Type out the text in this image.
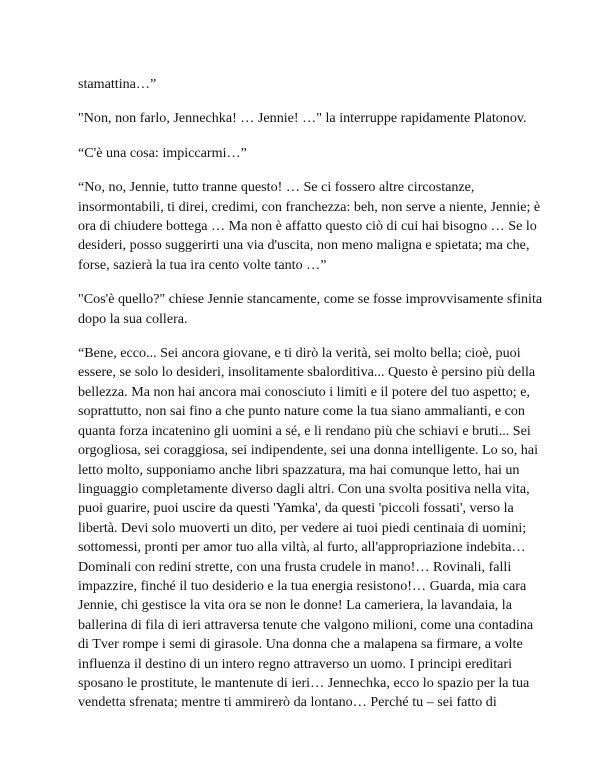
stamattina…”

"Non, non farlo, Jennechka! … Jennie! …" la interruppe rapidamente Platonov.

“C'è una cosa: impiccarmi…”

“No, no, Jennie, tutto tranne questo! … Se ci fossero altre circostanze, insormontabili, ti direi, credimi, con franchezza: beh, non serve a niente, Jennie; è ora di chiudere bottega … Ma non è affatto questo ciò di cui hai bisogno … Se lo desideri, posso suggerirti una via d'uscita, non meno maligna e spietata; ma che, forse, sazierà la tua ira cento volte tanto …”

"Cos'è quello?" chiese Jennie stancamente, come se fosse improvvisamente sfinita dopo la sua collera.

“Bene, ecco... Sei ancora giovane, e ti dirò la verità, sei molto bella; cioè, puoi essere, se solo lo desideri, insolitamente sbalorditiva... Questo è persino più della bellezza. Ma non hai ancora mai conosciuto i limiti e il potere del tuo aspetto; e, soprattutto, non sai fino a che punto nature come la tua siano ammalianti, e con quanta forza incatenino gli uomini a sé, e li rendano più che schiavi e bruti... Sei orgogliosa, sei coraggiosa, sei indipendente, sei una donna intelligente. Lo so, hai letto molto, supponiamo anche libri spazzatura, ma hai comunque letto, hai un linguaggio completamente diverso dagli altri. Con una svolta positiva nella vita, puoi guarire, puoi uscire da questi 'Yamka', da questi 'piccoli fossati', verso la libertà. Devi solo muoverti un dito, per vedere ai tuoi piedi centinaia di uomini; sottomessi, pronti per amor tuo alla viltà, al furto, all'appropriazione indebita… Dominali con redini strette, con una frusta crudele in mano!… Rovinali, falli impazzire, finché il tuo desiderio e la tua energia resistono!… Guarda, mia cara Jennie, chi gestisce la vita ora se non le donne! La cameriera, la lavandaia, la ballerina di fila di ieri attraversa tenute che valgono milioni, come una contadina di Tver rompe i semi di girasole. Una donna che a malapena sa firmare, a volte influenza il destino di un intero regno attraverso un uomo. I principi ereditari sposano le prostitute, le mantenute di ieri… Jennechka, ecco lo spazio per la tua vendetta sfrenata; mentre ti ammirerò da lontano… Perché tu – sei fatto di
